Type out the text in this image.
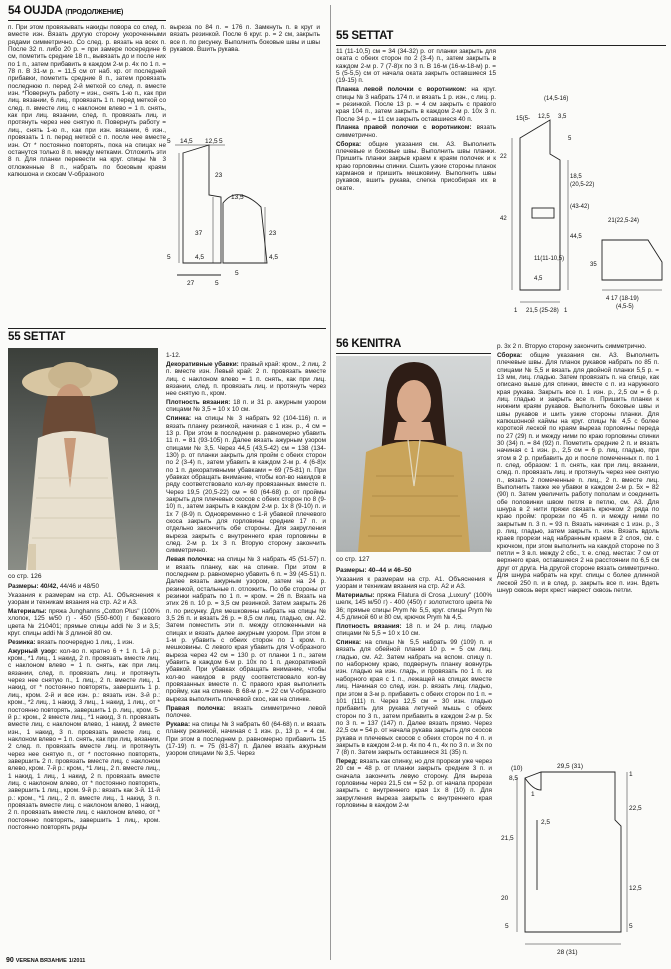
54 OUJDA (ПРОДОЛЖЕНИЕ)

п. При этом провязывать накиды повора со след. п. вместе изн. Вязать другую сторону укороченными рядами симметрично. Со след. р. вязать на всех п. После 32 п. либо 20 р. = при замере посередине 6 см, пометить средние 18 п., вывязать до и после них по 1 п., затем прибавить в каждом 2-м р. 4х по 1 п. = 78 п. В 31-м р. = 11,5 см от наб. кр. от последней прибавки, пометить средние 8 п., затем провязать последнюю п. перед 2-й меткой со след. п. вместе изн. *Повернуть работу = изн., снять 1-ю п., как при лиц. вязании, 6 лиц., провязать 1 п. перед меткой со след. п. вместе лиц. с наклоном влево = 1 п. снять, как при лиц. вязании, след. п. провязать лиц. и протянуть через нее снятую п. Повернуть работу = лиц., снять 1-ю п., как при изн. вязании, 6 изн., провязать 1 п. перед меткой с п. после нее вместе изн. От * постоянно повторять, пока на спицах не останутся только 8 п. между метками. Отложить эти 8 п. Для планки перевести на круг. спицы № 3 отложенные 8 п., набрать по боковым краям капюшона и скосам V-образного

выреза по 84 п. = 176 п. Замкнуть п. в круг и вязать резинкой. После 6 круг. р. = 2 см, закрыть все п. по рисунку. Выполнить боковые швы и швы рукавов. Вшить рукава.

5 14,5 12,5 5
23
37
4,5
5
27	5
13,5
23
4,5
5
55 SETTAT

11 (11-10,5) см = 34 (34-32) р. от планки закрыть для оката с обеих сторон по 2 (3-4) п., затем закрыть в каждом 2-м р. 7 (7-8)х по 3 п. В 16-м (16-м-18-м) р. = 5 (5-5,5) см от начала оката закрыть оставшиеся 15 (19-15) п.

Планка левой полочки с воротником: на круг. спицы № 3 набрать 174 п. и вязать 1 р. изн., с лиц. р. = резинкой. После 13 р. = 4 см закрыть с правого края 104 п., затем закрыть в каждом 2-м р. 10х 3 п. После 34 р. = 11 см закрыть оставшиеся 40 п.

Планка правой полочки с воротником: вязать симметрично.

Сборка: общие указания см. А3. Выполнить плечевые и боковые швы. Выполнить швы планки. Пришить планки закрыв краем к краям полочек и к краю горловины спинки. Сшить узкие стороны планок карманов и пришить мешковину. Выполнить швы рукавов, вшить рукава, слегка присобирая их в окате.

(14,5-16)
15(5- 12,5 3,5
22
5
18,5
(20,5-22)
42
(43-42)
44,5
21(22,5-24)
11(11-10,5)
1 21,5 (25-28) 1
4 17 (18-19)
(4,5-5)
35
4,5
55 SETTAT
со стр. 126

Размеры: 40/42, 44/46 и 48/50

Указания к размерам на стр. А1. Объяснения к узорам и техникам вязания на стр. А2 и А3.

Материалы: пряжа Junghanns „Cotton Plus" (100% хлопок, 125 м/50 г) - 450 (550-600) г бежевого цвета № 210401; прямые спицы addi № 3 и 3,5; круг. спицы addi № 3 длиной 80 см.

Резинка: вязать поочередно 1 лиц., 1 изн.

Ажурный узор: кол-во п. кратно 6 + 1 п. 1-й р.: кром., *1 лиц., 1 накид, 2 п. провязать вместе лиц. с наклоном влево = 1 п. снять, как при лиц. вязании, след. п. провязать лиц. и протянуть через нее снятую п., 1 лиц., 2 п. вместе лиц., 1 накид, от * постоянно повторять, завершить 1 р. лиц., кром. 2-й и все изн. р.: вязать изн. 3-й р.: кром., *2 лиц., 1 накид, 3 лиц., 1 накид, 1 лиц., от * постоянно повторять, завершить 1 р. лиц., кром. 5-й р.: кром., 2 вместе лиц., *1 накид, 3 п. провязать вместе лиц. с наклоном влево, 1 накид, 2 вместе изн., 1 накид, 3 п. провязать вместе лиц. с наклоном влево = 1 п. снять, как при лиц. вязании, 2 след. п. провязать вместе лиц. и протянуть через нее снятую п., от * постоянно повторять, завершить 2 п. провязать вместе лиц. с наклоном влево, кром. 7-й р.: кром., *1 лиц., 2 п. вместе лиц., 1 накид, 1 лиц., 1 накид, 2 п. провязать вместе лиц. с наклоном влево, от * постоянно повторять, завершить 1 лиц., кром. 9-й р.: вязать как 3-й. 11-й р.: кром., *1 лиц., 2 п. вместе лиц., 1 накид, 3 п. провязать вместе лиц. с наклоном влево, 1 накид, 2 п. провязать вместе лиц. с наклоном влево, от * постоянно повторять, завершить 1 лиц., кром. постоянно повторять ряды

1-12.

Декоративные убавки: правый край: кром., 2 лиц. 2 п. вместе изн. Левый край: 2 п. провязать вместе лиц. с наклоном влево = 1 п. снять, как при лиц. вязании, след. п. провязать лиц. и протянуть через нее снятую п., кром.

Плотность вязания: 18 п. и 31 р. ажурным узором спицами № 3,5 = 10 х 10 см.

Спинка: на спицы № 3 набрать 92 (104-116) п. и вязать планку резинкой, начиная с 1 изн. р., 4 см = 13 р. При этом в последнем р. равномерно убавить 11 п. = 81 (93-105) п. Далее вязать ажурным узором спицами № 3,5. Через 44,5 (43,5-42) см = 138 (134-130) р. от планки закрыть для пройм с обеих сторон по 2 (3-4) п., затем убавить в каждом 2-м р. 4 (6-8)х по 1 п. декоративными убавками = 69 (75-81) п. При убавках обращать внимание, чтобы кол-во накидов в ряду соответствовало кол-ву провязанных вместе п. Через 19,5 (20,5-22) см = 60 (64-68) р. от проймы закрыть для плечевых скосов с обеих сторон по 8 (9-10) п., затем закрыть в каждом 2-м р. 1х 8 (9-10) п. и 1х 7 (8-9) п. Одновременно с 1-й убавкой плечевого скоса закрыть для горловины средние 17 п. и отдельно закончить обе стороны. Для закругления выреза закрыть с внутреннего края горловины в след. 2-м р. 1х 3 п. Вторую сторону закончить симметрично.

Левая полочка: на спицы № 3 набрать 45 (51-57) п. и вязать планку, как на спинке. При этом в последнем р. равномерно убавить 6 п. = 39 (45-51) п. Далее вязать ажурным узором, затем на 24 р. резинкой, остальные п. отложить. По обе стороны от резинки набрать по 1 п. = кром. = 26 п. Вязать на этих 26 п. 10 р. = 3,5 см резинкой. Затем закрыть 26 п. по рисунку. Для мешковины набрать на спицы № 3,5 26 п. и вязать 26 р. = 8,5 см лиц. гладью, см. А2. Затем поместить эти п. между отложенными на спицах и вязать далее ажурным узором. При этом в 1-м р. убавить с обеих сторон по 1 кром. п. мешковины. С левого края убавить для V-образного выреза через 42 см = 130 р. от планки 1 п., затем убавить в каждом 6-м р. 10х по 1 п. декоративной убавкой. При убавках обращать внимание, чтобы кол-во накидов в ряду соответствовало кол-ву провязанных вместе п. С правого края выполнить пройму, как на спинке. В 68-м р. = 22 см V-образного выреза выполнить плечевой скос, как на спинке.

Правая полочка: вязать симметрично левой полочке.

Рукава: на спицы № 3 набрать 60 (64-68) п. и вязать планку резинкой, начиная с 1 изн. р., 13 р. = 4 см. При этом в последнем р. равномерно прибавить 15 (17-19) п. = 75 (81-87) п. Далее вязать ажурным узором спицами № 3,5. Через

56 KENITRA
со стр. 127

Размеры: 40–44 и 46–50

Указания к размерам на стр. А1. Объяснения к узорам и техникам вязания на стр. А2 и А3.

Материалы: пряжа Filatura di Crosa „Luxury" (100% шелк, 145 м/50 г) - 400 (450) г золотистого цвета № 36; прямые спицы Prym № 5,5, круг. спицы Prym № 4,5 длиной 60 и 80 см, крючок Prym № 4,5.

Плотность вязания: 18 п. и 24 р. лиц. гладью спицами № 5,5 = 10 х 10 см.

Спинка: на спицы № 5,5 набрать 99 (109) п. и вязать для обейной планки 10 р. = 5 см лиц. гладью, см. А2. Затем набрать на вспом. спицу п. по наборному краю, подвернуть планку вовнутрь изн. гладью на изн. гладь, и провязать по 1 п. из наборного края с 1 п., лежащей на спицах вместе лиц. Начиная со след. изн. р. вязать лиц. гладью, при этом в 3-м р. прибавить с обеих сторон по 1 п. = 101 (111) п. Через 12,5 см = 30 изн. гладью прибавить для рукава летучей мышь с обеих сторон по 3 п., затем прибавить в каждом 2-м р. 5х по 3 п. = 137 (147) п. Далее вязать прямо. Через 22,5 см = 54 р. от начала рукава закрыть для скосов рукава и плечевых скосов с обеих сторон по 4 п. и закрыть в каждом 2-м р. 4х по 4 п., 4х по 3 п. и 3х по 7 (8) п. Затем закрыть оставшиеся 31 (35) п.

Перед: вязать как спинку, но для прорези уже через 20 см = 48 р. от планки закрыть средние 3 п. и сначала закончить левую сторону. Для выреза горловины через 21,5 см = 52 р. от начала прорези закрыть с внутреннего края 1х 8 (10) п. Для закругления выреза закрыть с внутреннего края горловины в каждом 2-м

р. 3х 2 п. Вторую сторону закончить симметрично.

Сборка: общие указания см. А3. Выполнить плечевые швы. Для планок рукавов набрать по 85 п. спицами № 5,5 и вязать для двойной планки 5,5 р. = 13 мм, лиц. гладью. Затем провязать п. на спице, как описано выше для спинки, вместе с п. из наружного края рукава. Закрыть все п. 1 изн. р., 2,5 см = 6 р. лиц. гладью и закрыть все п. Пришить планки к нижним краям рукавов. Выполнить боковые швы и швы рукавов и шить узкие стороны планки. Для капюшонной каймы на круг. спицы № 4,5 с более короткой леской по краям выреза горловины переда по 27 (29) п. и между ними по краю горловины спинки 30 (34) п. = 84 (92) п. Пометить средние 2 п. и вязать начиная с 1 изн. р., 2,5 см = 6 р. лиц. гладью, при этом в 2 р. прибавить до и после помеченных п. по 1 п. след. образом: 1 п. снять, как при лиц. вязании, след. п. провязать лиц. и протянуть через нее снятую п., вязать 2 помеченные п. лиц., 2 п. вместе лиц. Выполнить также же убавки в каждом 2-м р. 5х = 82 (90) п. Затем увеличить работу пополам и соединить обе половинки швом петля в петлю, см. А3. Для шнура в 2 нити пряжи связать крючком 2 ряда по краю пройм: прорези по 45 п. и между ними по закрытым п. 3 п. = 93 п. Вязать начиная с 1 изн. р., 3 р. лиц. гладью, затем закрыть п. изн. Вязать вдоль краев прорези над набранным краем в 2 слоя, см. с крючком, при этом выполнить на каждой стороне по 3 петли = 3 в.п. между 2 сбс., т. е. след. местах: 7 см от верхнего края, оставшиеся 2 на расстоянии по 6,5 см друг от друга. На другой стороне вязать симметрично. Для шнура набрать на круг. спицы с более длинной леской 250 п. и в след. р. закрыть все п. изн. Вдеть шнур сквозь верх крест накрест сквозь петли.

(10)
8,5
29,5 (31)
1
22,5
12,5
5
20
21,5
2,5
1
28 (31)
5
90 VERENA ВЯЗАНИЕ 1/2011
